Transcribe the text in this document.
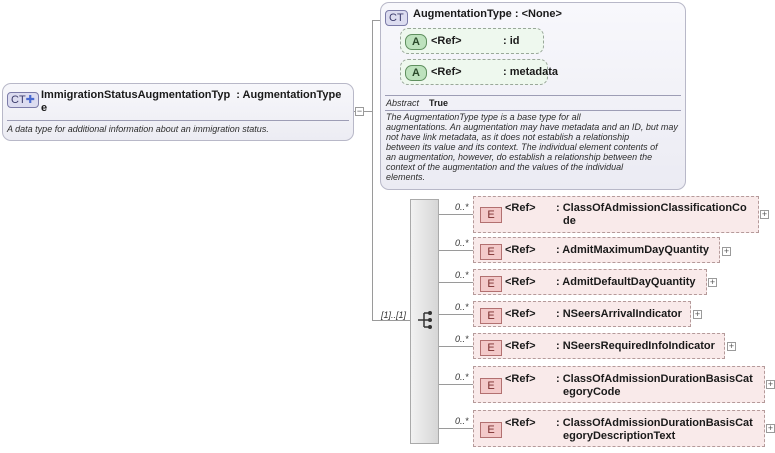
−
CT✚ ImmigrationStatusAugmentationTyp : AugmentationType
e
A data type for additional information about an immigration status.
CT AugmentationType : <None>
A	<Ref>	: id
A	<Ref>	: metadata
Abstract True
The AugmentationType type is a base type for all
augmentations. An augmentation may have metadata and an ID, but may
not have link metadata, as it does not establish a relationship
between its value and its context. The individual element contents of
an augmentation, however, do establish a relationship between the
context of the augmentation and the values of the individual
elements.
[1]..[1]
0..*
E
<Ref> : ClassOfAdmissionClassificationCo
de
+
0..*
E <Ref> : AdmitMaximumDayQuantity +
0..*
E <Ref> : AdmitDefaultDayQuantity +
0..*
E <Ref> : NSeersArrivalIndicator +
0..*
E <Ref> : NSeersRequiredInfoIndicator +
0..*
E
<Ref> : ClassOfAdmissionDurationBasisCat
egoryCode
+
0..*
E
<Ref> : ClassOfAdmissionDurationBasisCat
egoryDescriptionText
+
